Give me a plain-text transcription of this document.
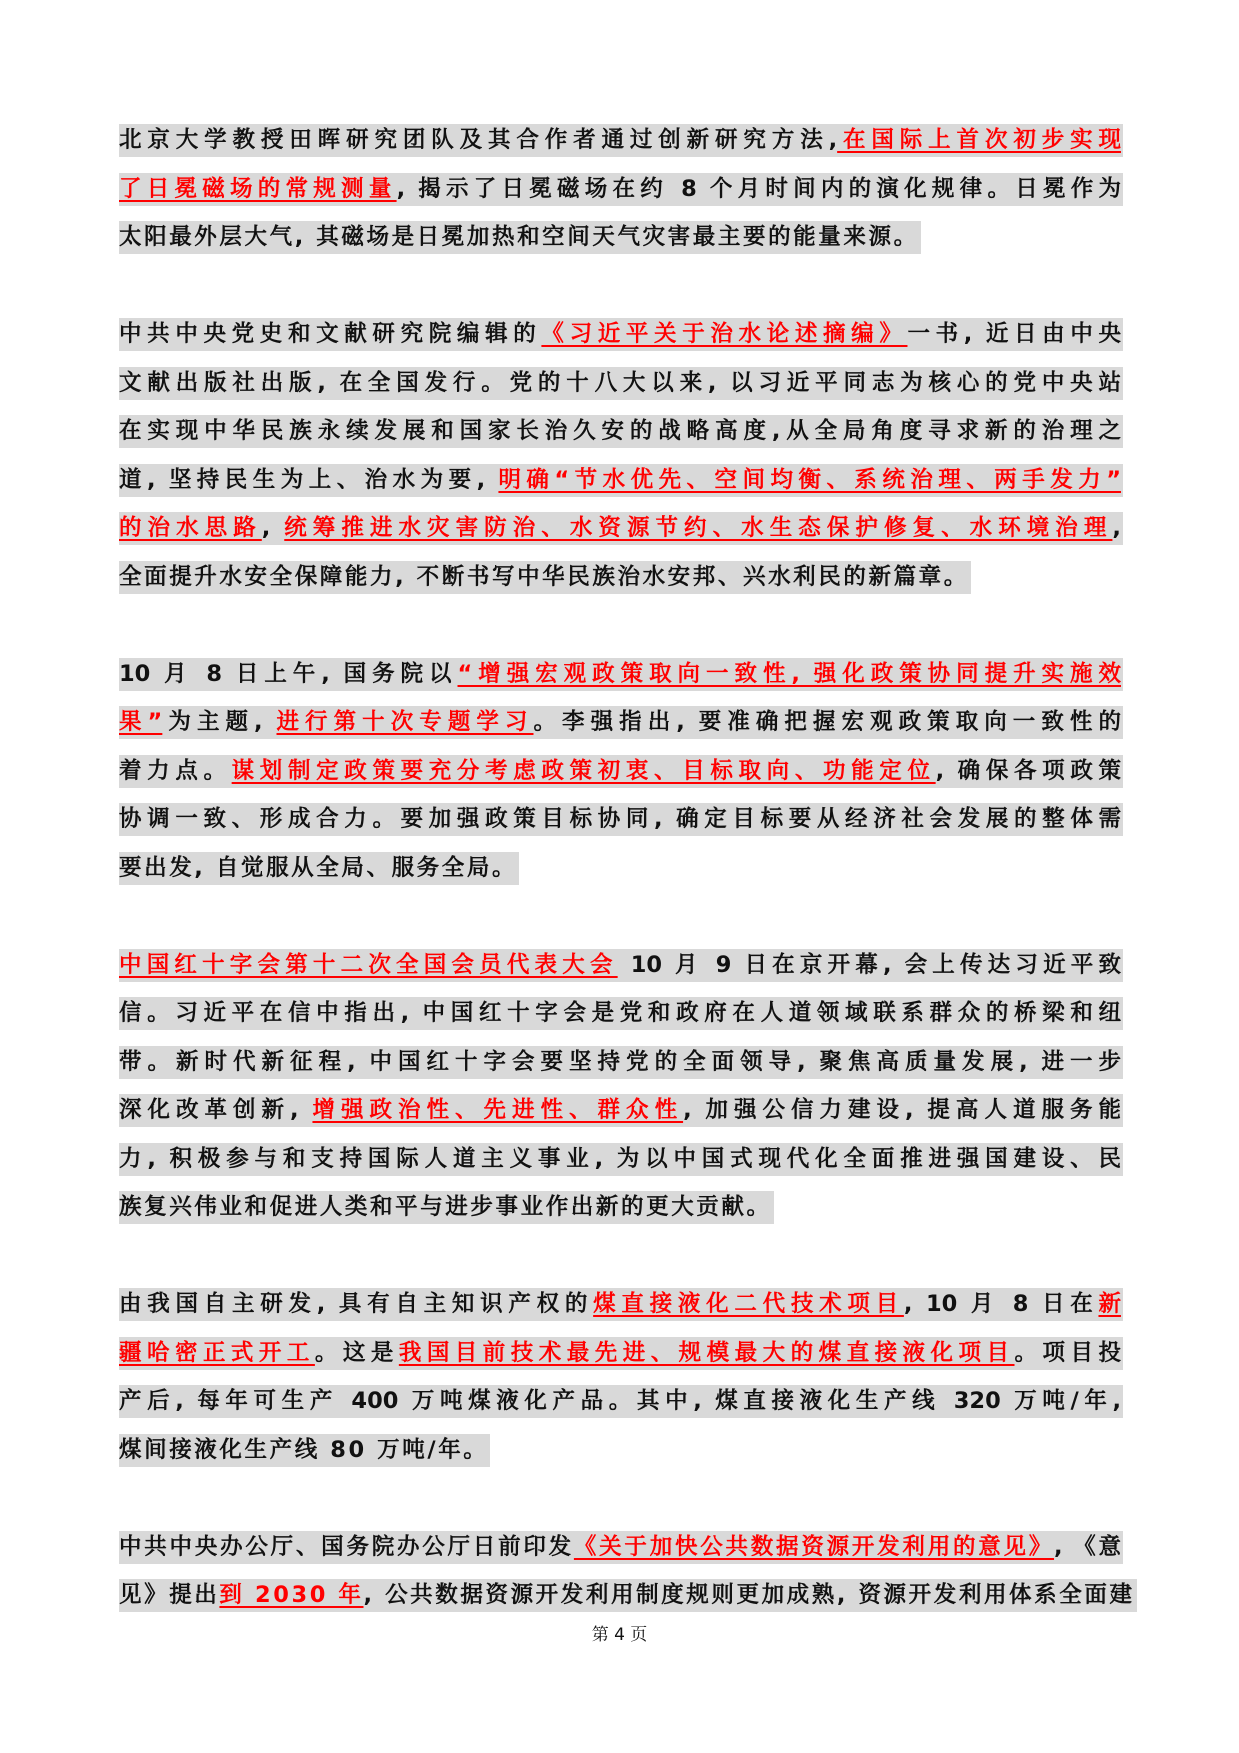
北京大学教授田晖研究团队及其合作者通过创新研究方法,在国际上首次初步实现
了日冕磁场的常规测量, 揭示了日冕磁场在约 8 个月时间内的演化规律。日冕作为
太阳最外层大气, 其磁场是日冕加热和空间天气灾害最主要的能量来源。
中共中央党史和文献研究院编辑的《习近平关于治水论述摘编》一书, 近日由中央
文献出版社出版, 在全国发行。党的十八大以来, 以习近平同志为核心的党中央站
在实现中华民族永续发展和国家长治久安的战略高度,从全局角度寻求新的治理之
道, 坚持民生为上、治水为要, 明确“节水优先、空间均衡、系统治理、两手发力”
的治水思路, 统筹推进水灾害防治、水资源节约、水生态保护修复、水环境治理,
全面提升水安全保障能力, 不断书写中华民族治水安邦、兴水利民的新篇章。
10 月 8 日上午, 国务院以“增强宏观政策取向一致性, 强化政策协同提升实施效
果”为主题, 进行第十次专题学习。李强指出, 要准确把握宏观政策取向一致性的
着力点。谋划制定政策要充分考虑政策初衷、目标取向、功能定位, 确保各项政策
协调一致、形成合力。要加强政策目标协同, 确定目标要从经济社会发展的整体需
要出发, 自觉服从全局、服务全局。
中国红十字会第十二次全国会员代表大会 10 月 9 日在京开幕, 会上传达习近平致
信。习近平在信中指出, 中国红十字会是党和政府在人道领域联系群众的桥梁和纽
带。新时代新征程, 中国红十字会要坚持党的全面领导, 聚焦高质量发展, 进一步
深化改革创新, 增强政治性、先进性、群众性, 加强公信力建设, 提高人道服务能
力, 积极参与和支持国际人道主义事业, 为以中国式现代化全面推进强国建设、民
族复兴伟业和促进人类和平与进步事业作出新的更大贡献。
由我国自主研发, 具有自主知识产权的煤直接液化二代技术项目, 10 月 8 日在新
疆哈密正式开工。这是我国目前技术最先进、规模最大的煤直接液化项目。项目投
产后, 每年可生产 400 万吨煤液化产品。其中, 煤直接液化生产线 320 万吨/年,
煤间接液化生产线 80 万吨/年。
中共中央办公厅、国务院办公厅日前印发《关于加快公共数据资源开发利用的意见》, 《意
见》提出到 2030 年, 公共数据资源开发利用制度规则更加成熟, 资源开发利用体系全面建
第 4 页
